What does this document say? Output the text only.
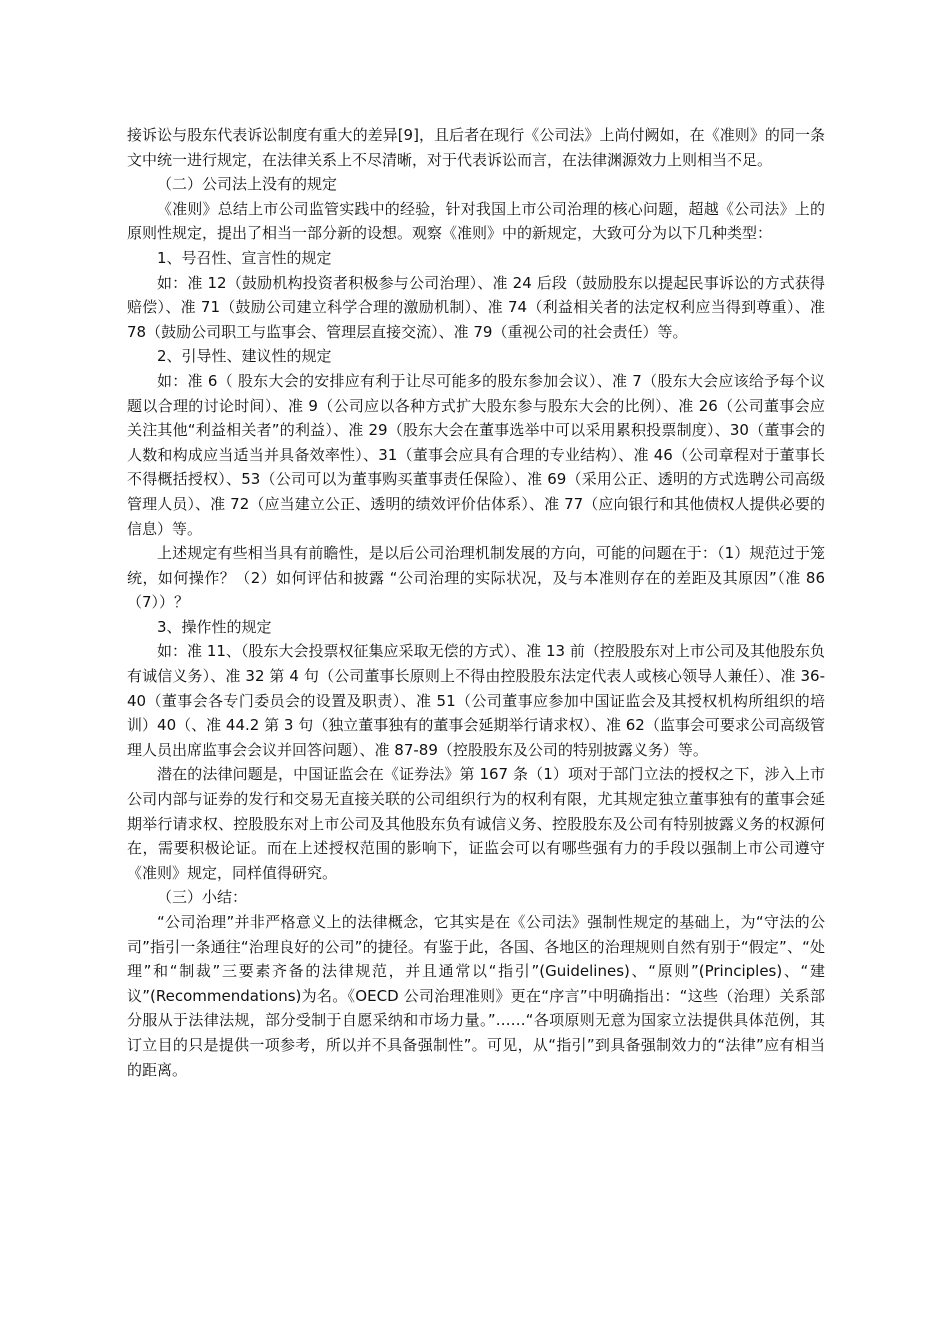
接诉讼与股东代表诉讼制度有重大的差异[9]，且后者在现行《公司法》上尚付阙如，在《准则》的同一条文中统一进行规定，在法律关系上不尽清晰，对于代表诉讼而言，在法律渊源效力上则相当不足。

（二）公司法上没有的规定

《准则》总结上市公司监管实践中的经验，针对我国上市公司治理的核心问题，超越《公司法》上的原则性规定，提出了相当一部分新的设想。观察《准则》中的新规定，大致可分为以下几种类型：

1、号召性、宣言性的规定

如：准 12（鼓励机构投资者积极参与公司治理）、准 24 后段（鼓励股东以提起民事诉讼的方式获得赔偿）、准 71（鼓励公司建立科学合理的激励机制）、准 74（利益相关者的法定权利应当得到尊重）、准 78（鼓励公司职工与监事会、管理层直接交流）、准 79（重视公司的社会责任）等。

2、引导性、建议性的规定

如：准 6（ 股东大会的安排应有利于让尽可能多的股东参加会议）、准 7（股东大会应该给予每个议题以合理的讨论时间）、准 9（公司应以各种方式扩大股东参与股东大会的比例）、准 26（公司董事会应关注其他“利益相关者”的利益）、准 29（股东大会在董事选举中可以采用累积投票制度）、30（董事会的人数和构成应当适当并具备效率性）、31（董事会应具有合理的专业结构）、准 46（公司章程对于董事长不得概括授权）、53（公司可以为董事购买董事责任保险）、准 69（采用公正、透明的方式选聘公司高级管理人员）、准 72（应当建立公正、透明的绩效评价估体系）、准 77（应向银行和其他债权人提供必要的信息）等。

上述规定有些相当具有前瞻性，是以后公司治理机制发展的方向，可能的问题在于：（1）规范过于笼统，如何操作？（2）如何评估和披露 “公司治理的实际状况，及与本准则存在的差距及其原因”（准 86（7））？

3、操作性的规定

如：准 11、（股东大会投票权征集应采取无偿的方式）、准 13 前（控股股东对上市公司及其他股东负有诚信义务）、准 32 第 4 句（公司董事长原则上不得由控股股东法定代表人或核心领导人兼任）、准 36-40（董事会各专门委员会的设置及职责）、准 51（公司董事应参加中国证监会及其授权机构所组织的培训）40（、准 44.2 第 3 句（独立董事独有的董事会延期举行请求权）、准 62（监事会可要求公司高级管理人员出席监事会会议并回答问题）、准 87-89（控股股东及公司的特别披露义务）等。

潜在的法律问题是，中国证监会在《证券法》第 167 条（1）项对于部门立法的授权之下，涉入上市公司内部与证券的发行和交易无直接关联的公司组织行为的权利有限，尤其规定独立董事独有的董事会延期举行请求权、控股股东对上市公司及其他股东负有诚信义务、控股股东及公司有特别披露义务的权源何在，需要积极论证。而在上述授权范围的影响下，证监会可以有哪些强有力的手段以强制上市公司遵守《准则》规定，同样值得研究。

（三）小结：

“公司治理”并非严格意义上的法律概念，它其实是在《公司法》强制性规定的基础上，为“守法的公司”指引一条通往“治理良好的公司”的捷径。有鉴于此，各国、各地区的治理规则自然有别于“假定”、“处理”和“制裁”三要素齐备的法律规范，并且通常以“指引”(Guidelines)、“原则”(Principles)、“建议”(Recommendations)为名。《OECD 公司治理准则》更在“序言”中明确指出：“这些（治理）关系部分服从于法律法规，部分受制于自愿采纳和市场力量。”……“各项原则无意为国家立法提供具体范例，其订立目的只是提供一项参考，所以并不具备强制性”。可见，从“指引”到具备强制效力的“法律”应有相当的距离。
